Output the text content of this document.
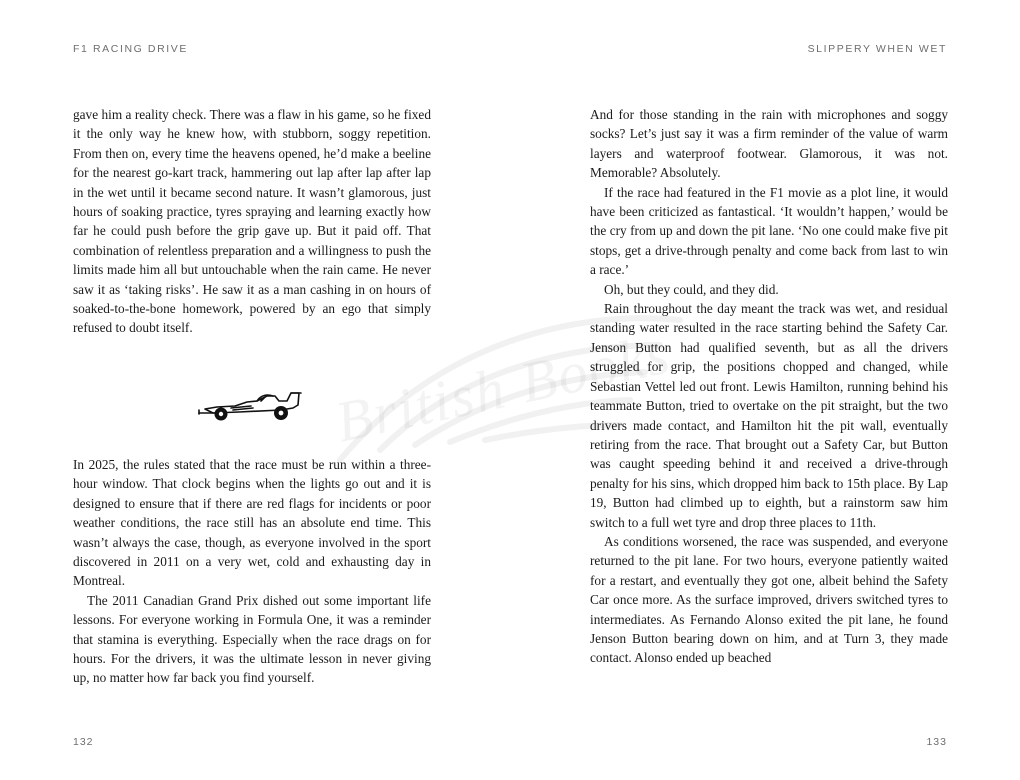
British Books
F1 RACING DRIVE

gave him a reality check. There was a flaw in his game, so he fixed it the only way he knew how, with stubborn, soggy repetition. From then on, every time the heavens opened, he’d make a beeline for the nearest go-kart track, hammering out lap after lap after lap in the wet until it became second nature. It wasn’t glamorous, just hours of soaking practice, tyres spraying and learning exactly how far he could push before the grip gave up. But it paid off. That combination of relentless preparation and a willingness to push the limits made him all but untouchable when the rain came. He never saw it as ‘taking risks’. He saw it as a man cashing in on hours of soaked-to-the-bone homework, powered by an ego that simply refused to doubt itself.

In 2025, the rules stated that the race must be run within a three-hour window. That clock begins when the lights go out and it is designed to ensure that if there are red flags for incidents or poor weather conditions, the race still has an absolute end time. This wasn’t always the case, though, as everyone involved in the sport discovered in 2011 on a very wet, cold and exhausting day in Montreal.

The 2011 Canadian Grand Prix dished out some important life lessons. For everyone working in Formula One, it was a reminder that stamina is everything. Especially when the race drags on for hours. For the drivers, it was the ultimate lesson in never giving up, no matter how far back you find yourself.

132
SLIPPERY WHEN WET

And for those standing in the rain with microphones and soggy socks? Let’s just say it was a firm reminder of the value of warm layers and waterproof footwear. Glamorous, it was not. Memorable? Absolutely.

If the race had featured in the F1 movie as a plot line, it would have been criticized as fantastical. ‘It wouldn’t happen,’ would be the cry from up and down the pit lane. ‘No one could make five pit stops, get a drive-through penalty and come back from last to win a race.’

Oh, but they could, and they did.

Rain throughout the day meant the track was wet, and residual standing water resulted in the race starting behind the Safety Car. Jenson Button had qualified seventh, but as all the drivers struggled for grip, the positions chopped and changed, while Sebastian Vettel led out front. Lewis Hamilton, running behind his teammate Button, tried to overtake on the pit straight, but the two drivers made contact, and Hamilton hit the pit wall, eventually retiring from the race. That brought out a Safety Car, but Button was caught speeding behind it and received a drive-through penalty for his sins, which dropped him back to 15th place. By Lap 19, Button had climbed up to eighth, but a rainstorm saw him switch to a full wet tyre and drop three places to 11th.

As conditions worsened, the race was suspended, and everyone returned to the pit lane. For two hours, everyone patiently waited for a restart, and eventually they got one, albeit behind the Safety Car once more. As the surface improved, drivers switched tyres to intermediates. As Fernando Alonso exited the pit lane, he found Jenson Button bearing down on him, and at Turn 3, they made contact. Alonso ended up beached

133
